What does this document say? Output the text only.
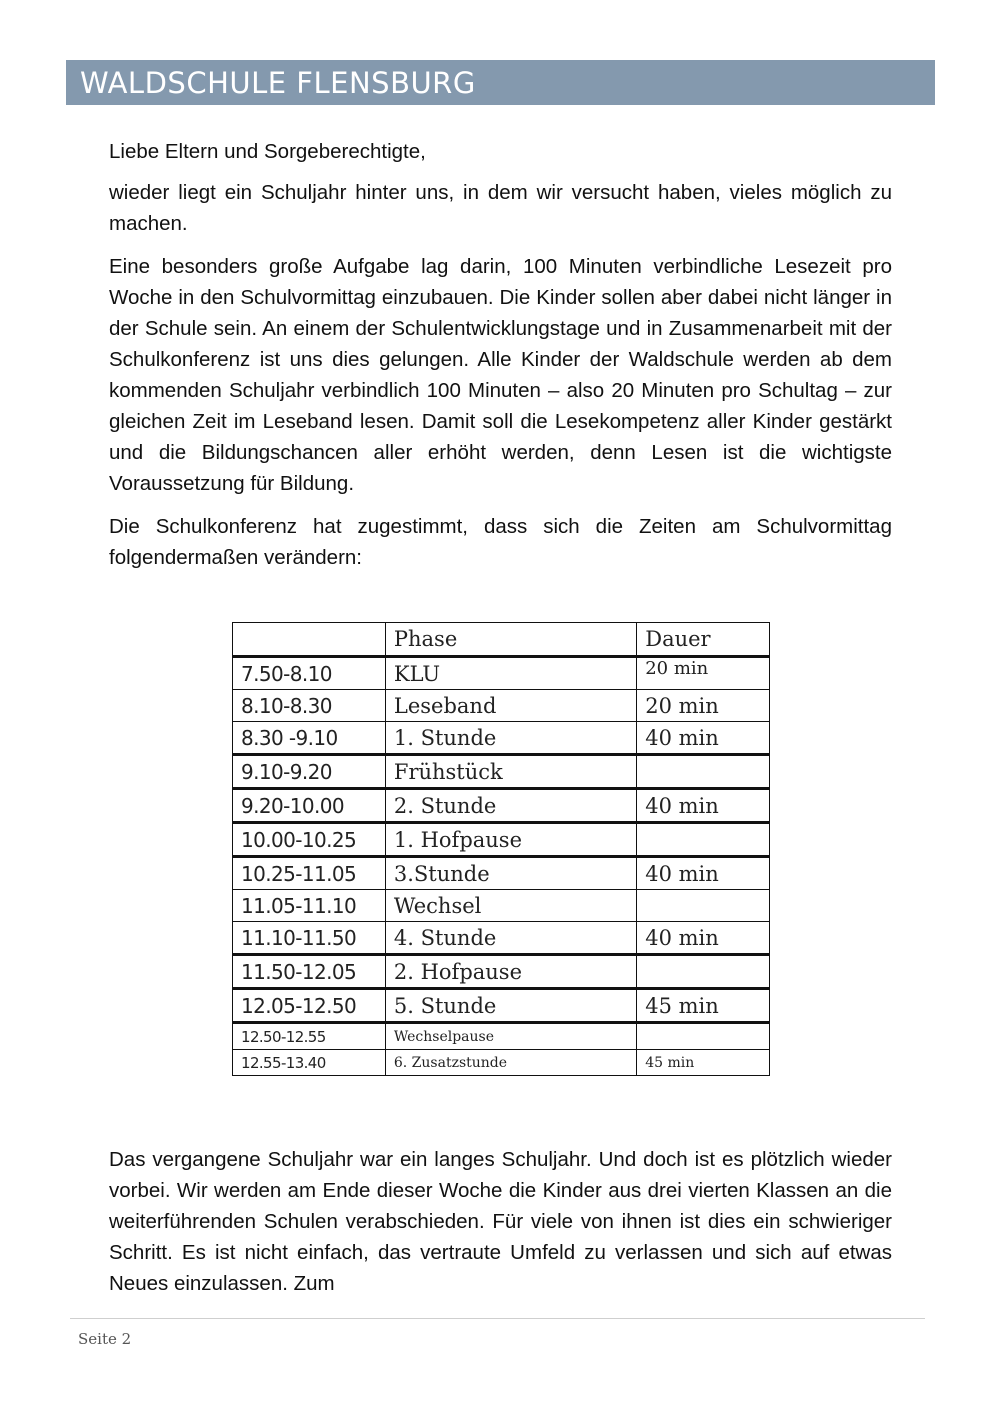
WALDSCHULE FLENSBURG

Liebe Eltern und Sorgeberechtigte,

wieder liegt ein Schuljahr hinter uns, in dem wir versucht haben, vieles möglich zu machen.

Eine besonders große Aufgabe lag darin, 100 Minuten verbindliche Lesezeit pro Woche in den Schulvormittag einzubauen. Die Kinder sollen aber dabei nicht länger in der Schule sein. An einem der Schulentwicklungstage und in Zusammenarbeit mit der Schulkonferenz ist uns dies gelungen. Alle Kinder der Waldschule werden ab dem kommenden Schuljahr verbindlich 100 Minuten – also 20 Minuten pro Schultag – zur gleichen Zeit im Leseband lesen. Damit soll die Lesekompetenz aller Kinder gestärkt und die Bildungschancen aller erhöht werden, denn Lesen ist die wichtigste Voraussetzung für Bildung.

Die Schulkonferenz hat zugestimmt, dass sich die Zeiten am Schulvormittag folgendermaßen verändern:

	Phase	Dauer
7.50-8.10	KLU	20 min
8.10-8.30	Leseband	20 min
8.30 -9.10	1. Stunde	40 min
9.10-9.20	Frühstück	
9.20-10.00	2. Stunde	40 min
10.00-10.25	1. Hofpause	
10.25-11.05	3.Stunde	40 min
11.05-11.10	Wechsel	
11.10-11.50	4. Stunde	40 min
11.50-12.05	2. Hofpause	
12.05-12.50	5. Stunde	45 min
12.50-12.55	Wechselpause	
12.55-13.40	6. Zusatzstunde	45 min
Das vergangene Schuljahr war ein langes Schuljahr. Und doch ist es plötzlich wieder vorbei. Wir werden am Ende dieser Woche die Kinder aus drei vierten Klassen an die weiterführenden Schulen verabschieden. Für viele von ihnen ist dies ein schwieriger Schritt. Es ist nicht einfach, das vertraute Umfeld zu verlassen und sich auf etwas Neues einzulassen. Zum
Seite 2
